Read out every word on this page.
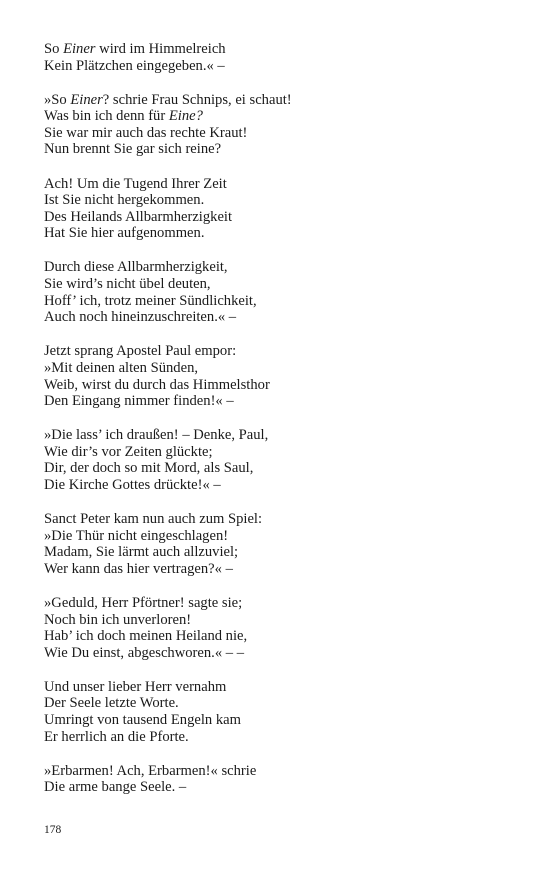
So Einer wird im Himmelreich
Kein Plätzchen eingegeben.« –
»So Einer? schrie Frau Schnips, ei schaut!
Was bin ich denn für Eine?
Sie war mir auch das rechte Kraut!
Nun brennt Sie gar sich reine?
Ach! Um die Tugend Ihrer Zeit
Ist Sie nicht hergekommen.
Des Heilands Allbarmherzigkeit
Hat Sie hier aufgenommen.
Durch diese Allbarmherzigkeit,
Sie wird’s nicht übel deuten,
Hoff’ ich, trotz meiner Sündlichkeit,
Auch noch hineinzuschreiten.« –
Jetzt sprang Apostel Paul empor:
»Mit deinen alten Sünden,
Weib, wirst du durch das Himmelsthor
Den Eingang nimmer finden!« –
»Die lass’ ich draußen! – Denke, Paul,
Wie dir’s vor Zeiten glückte;
Dir, der doch so mit Mord, als Saul,
Die Kirche Gottes drückte!« –
Sanct Peter kam nun auch zum Spiel:
»Die Thür nicht eingeschlagen!
Madam, Sie lärmt auch allzuviel;
Wer kann das hier vertragen?« –
»Geduld, Herr Pförtner! sagte sie;
Noch bin ich unverloren!
Hab’ ich doch meinen Heiland nie,
Wie Du einst, abgeschworen.« – –
Und unser lieber Herr vernahm
Der Seele letzte Worte.
Umringt von tausend Engeln kam
Er herrlich an die Pforte.
»Erbarmen! Ach, Erbarmen!« schrie
Die arme bange Seele. –
178
